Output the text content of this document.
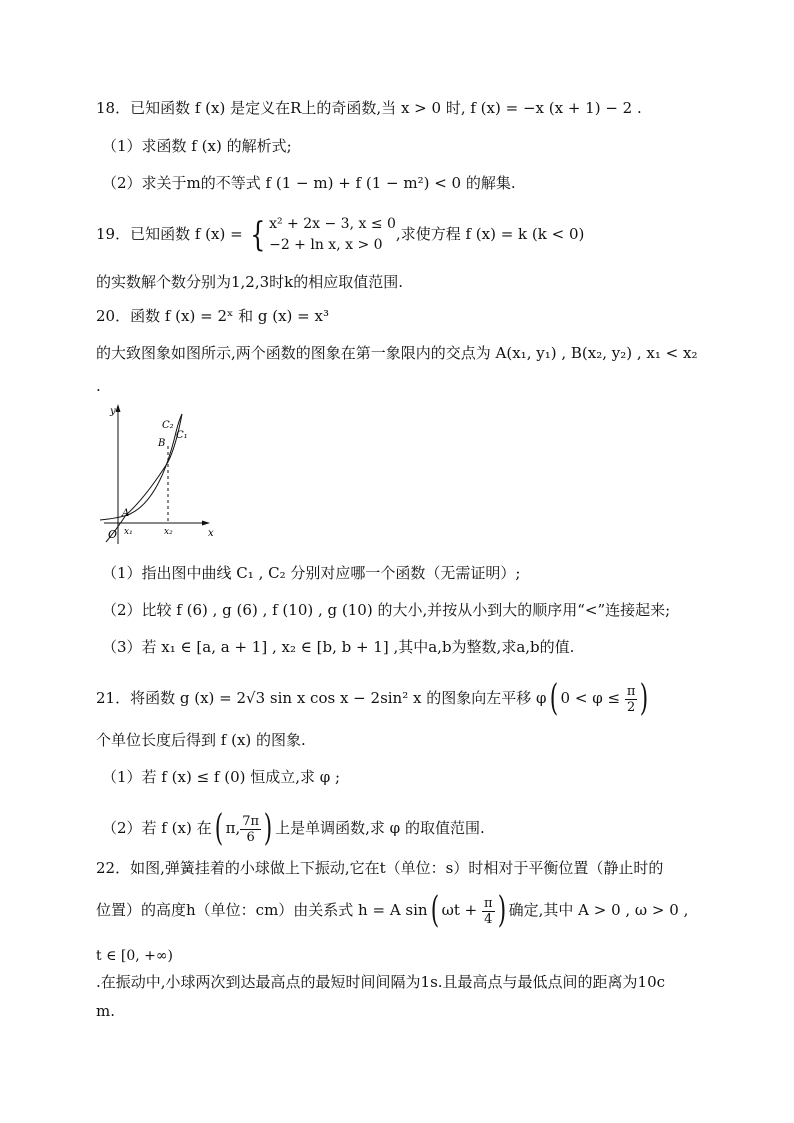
18．已知函数 f (x) 是定义在R上的奇函数,当 x > 0 时, f (x) = −x (x + 1) − 2 .
（1）求函数 f (x) 的解析式;
（2）求关于m的不等式 f (1 − m) + f (1 − m²) < 0 的解集.
19．已知函数 f (x) = { x² + 2x − 3, x ≤ 0
−2 + ln x, x > 0
,求使方程 f (x) = k (k < 0)
的实数解个数分别为1,2,3时k的相应取值范围.
20．函数 f (x) = 2ˣ 和 g (x) = x³
的大致图象如图所示,两个函数的图象在第一象限内的交点为 A(x₁, y₁) , B(x₂, y₂) , x₁ < x₂
.
y
x
O
A
B
C₁
C₂
x₁	x₂
（1）指出图中曲线 C₁ , C₂ 分别对应哪一个函数（无需证明）;
（2）比较 f (6) , g (6) , f (10) , g (10) 的大小,并按从小到大的顺序用“<”连接起来;
（3）若 x₁ ∈ [a, a + 1] , x₂ ∈ [b, b + 1] ,其中a,b为整数,求a,b的值.
21．将函数 g (x) = 2√3 sin x cos x − 2sin² x 的图象向左平移 φ( $0 < \varphi \le \frac{\pi}{2}$ )
个单位长度后得到 f (x) 的图象.
（1）若 f (x) ≤ f (0) 恒成立,求 φ ;
（2）若 f (x) 在( π, $\frac{7\pi}{6}$ ) 上是单调函数,求 φ 的取值范围.
22．如图,弹簧挂着的小球做上下振动,它在t（单位：s）时相对于平衡位置（静止时的
位置）的高度h（单位：cm）由关系式 h = A sin( $\omega t + \frac{\pi}{4}$ ) 确定,其中 A > 0 , ω > 0 ,
t ∈ [0, +∞)
.在振动中,小球两次到达最高点的最短时间间隔为1s.且最高点与最低点间的距离为10c
m.
